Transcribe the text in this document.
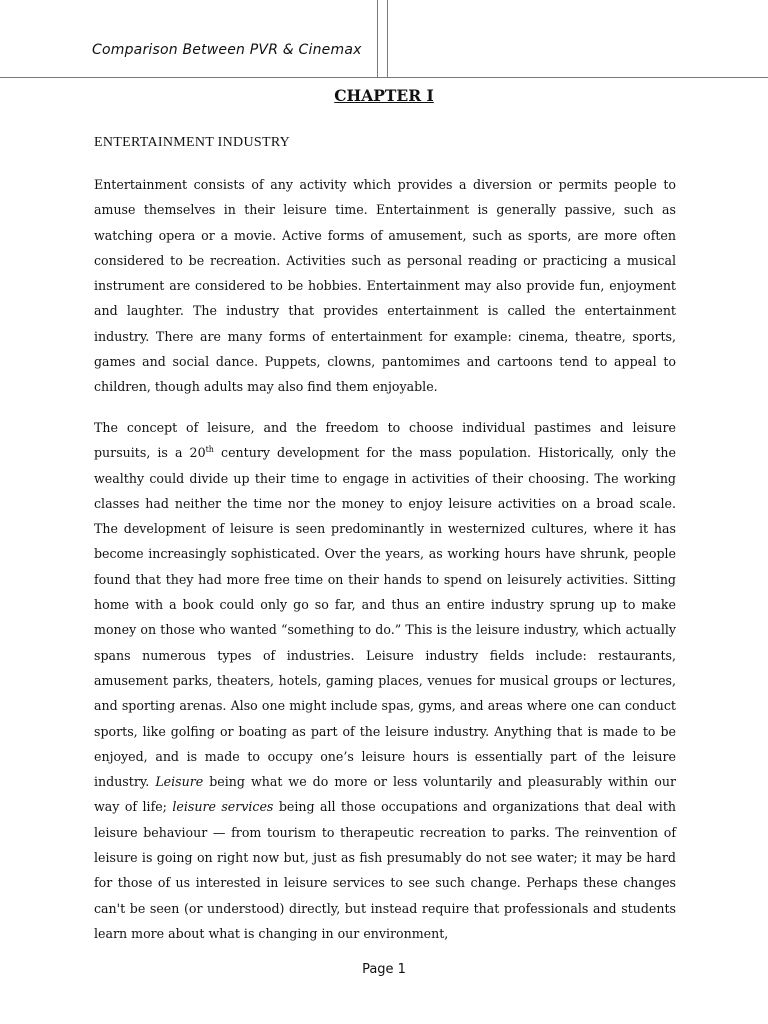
Comparison Between PVR & Cinemax
CHAPTER I
ENTERTAINMENT INDUSTRY

Entertainment consists of any activity which provides a diversion or permits people to amuse themselves in their leisure time. Entertainment is generally passive, such as watching opera or a movie. Active forms of amusement, such as sports, are more often considered to be recreation. Activities such as personal reading or practicing a musical instrument are considered to be hobbies. Entertainment may also provide fun, enjoyment and laughter. The industry that provides entertainment is called the entertainment industry. There are many forms of entertainment for example: cinema, theatre, sports, games and social dance. Puppets, clowns, pantomimes and cartoons tend to appeal to children, though adults may also find them enjoyable.

The concept of leisure, and the freedom to choose individual pastimes and leisure pursuits, is a 20th century development for the mass population. Historically, only the wealthy could divide up their time to engage in activities of their choosing. The working classes had neither the time nor the money to enjoy leisure activities on a broad scale. The development of leisure is seen predominantly in westernized cultures, where it has become increasingly sophisticated. Over the years, as working hours have shrunk, people found that they had more free time on their hands to spend on leisurely activities. Sitting home with a book could only go so far, and thus an entire industry sprung up to make money on those who wanted “something to do.” This is the leisure industry, which actually spans numerous types of industries. Leisure industry fields include: restaurants, amusement parks, theaters, hotels, gaming places, venues for musical groups or lectures, and sporting arenas. Also one might include spas, gyms, and areas where one can conduct sports, like golfing or boating as part of the leisure industry. Anything that is made to be enjoyed, and is made to occupy one’s leisure hours is essentially part of the leisure industry. Leisure being what we do more or less voluntarily and pleasurably within our way of life; leisure services being all those occupations and organizations that deal with leisure behaviour — from tourism to therapeutic recreation to parks. The reinvention of leisure is going on right now but, just as fish presumably do not see water; it may be hard for those of us interested in leisure services to see such change. Perhaps these changes can't be seen (or understood) directly, but instead require that professionals and students learn more about what is changing in our environment,

Page 1
